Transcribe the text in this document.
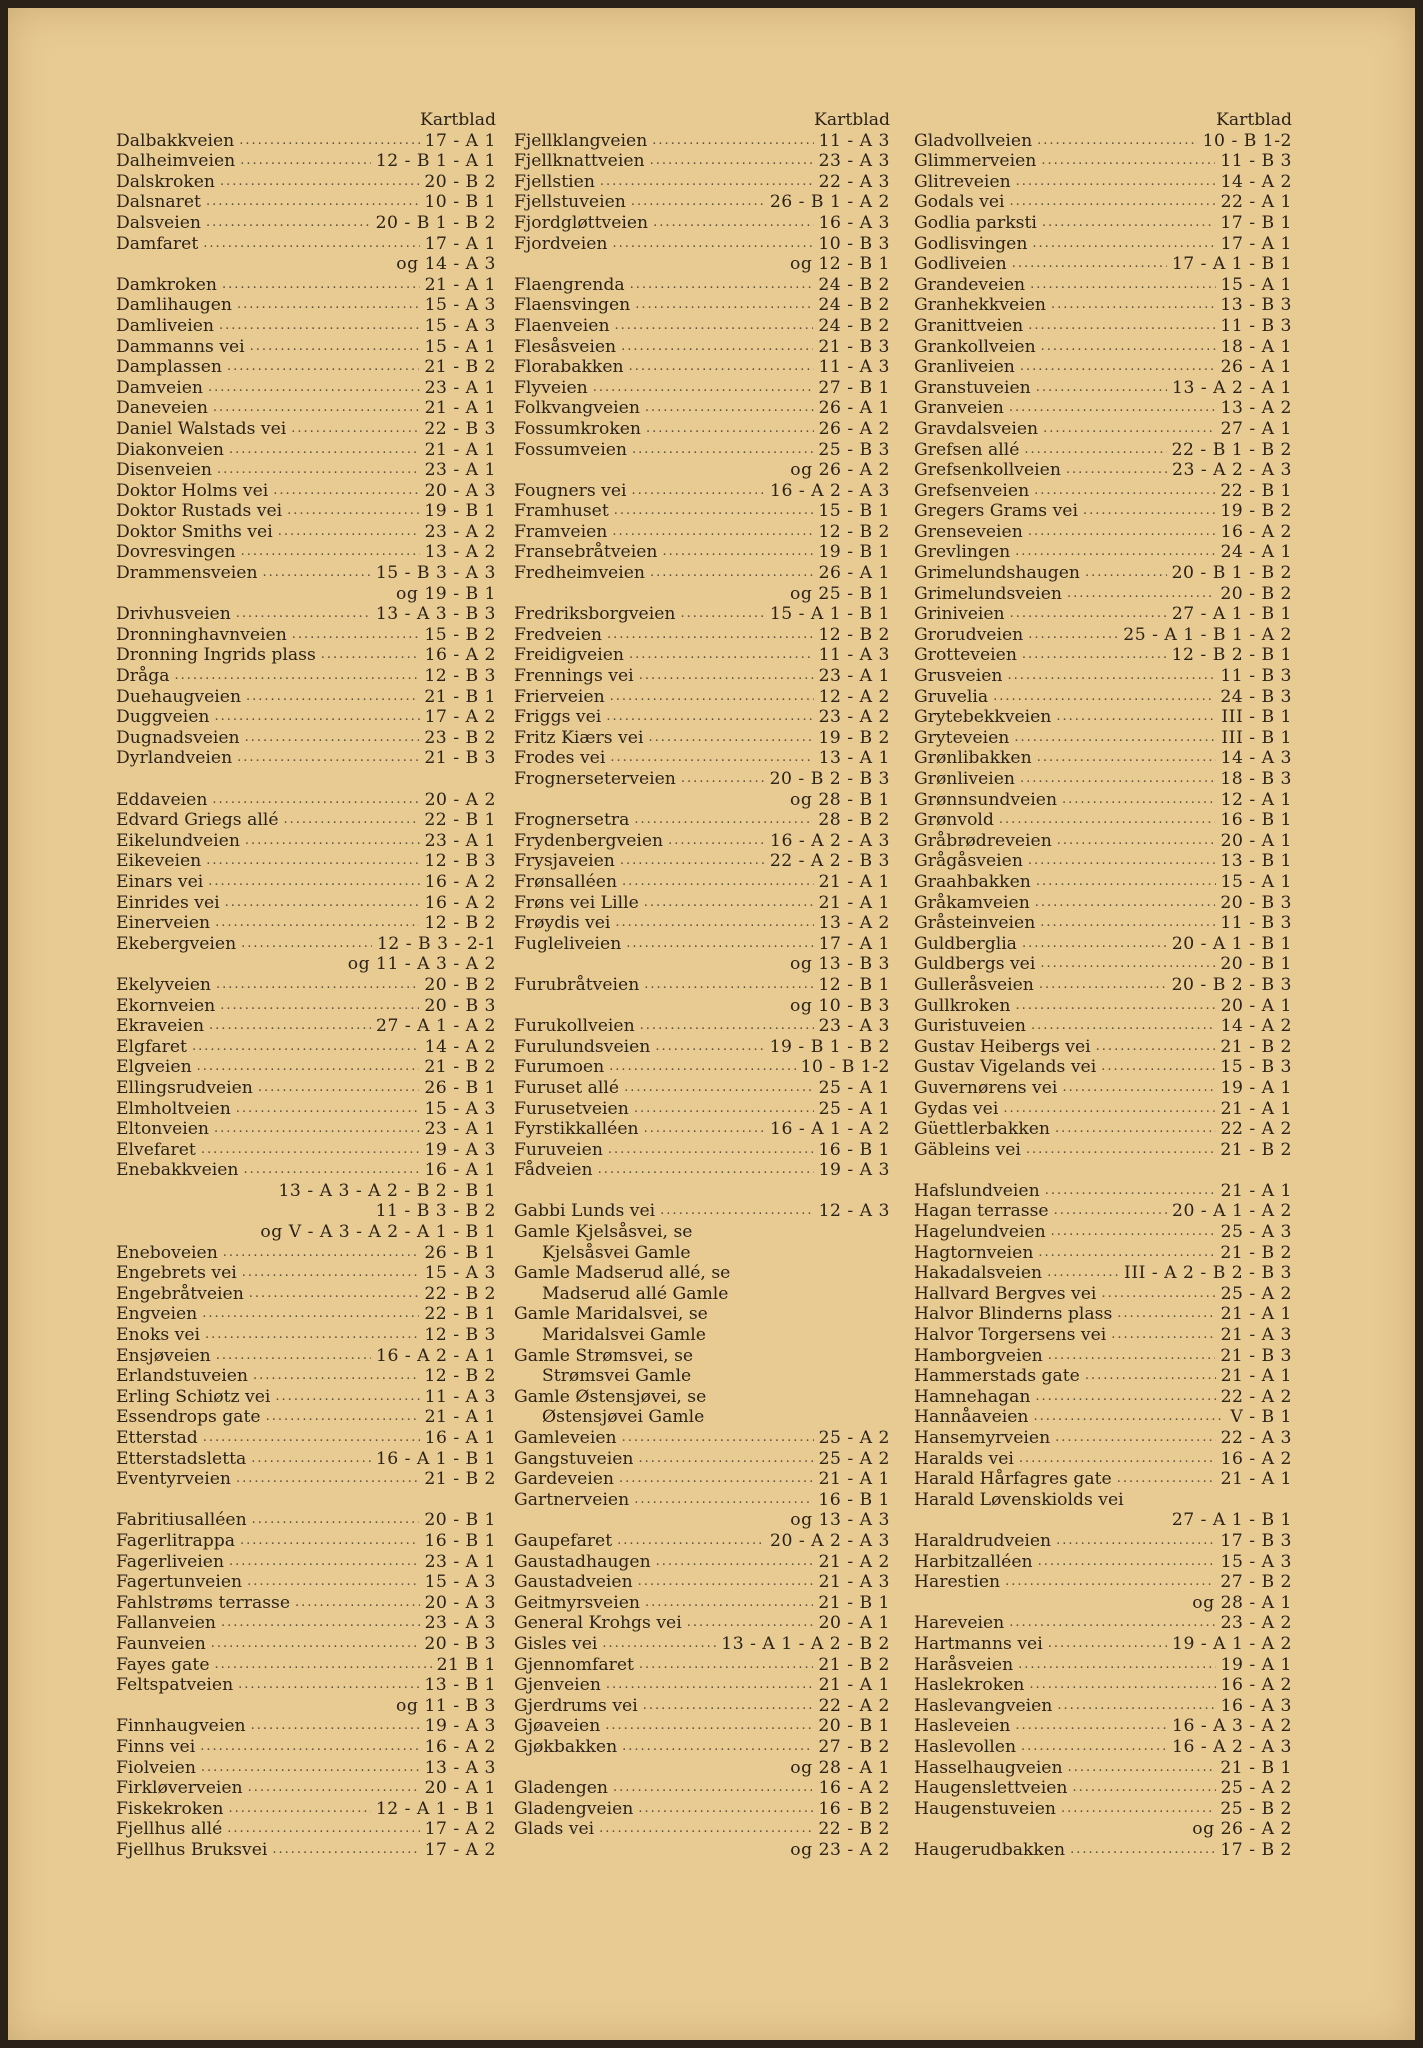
Kartblad
Dalbakkveien .....	17 - A 1
Dalheimveien .....	12 - B 1 - A 1
Dalskroken .....	20 - B 2
Dalsnaret .....	10 - B 1
Dalsveien .....	20 - B 1 - B 2
Damfaret .....	17 - A 1
og 14 - A 3
Damkroken .....	21 - A 1
Damlihaugen .....	15 - A 3
Damliveien .....	15 - A 3
Dammanns vei .....	15 - A 1
Damplassen .....	21 - B 2
Damveien .....	23 - A 1
Daneveien .....	21 - A 1
Daniel Walstads vei .....	22 - B 3
Diakonveien .....	21 - A 1
Disenveien .....	23 - A 1
Doktor Holms vei .....	20 - A 3
Doktor Rustads vei .....	19 - B 1
Doktor Smiths vei .....	23 - A 2
Dovresvingen .....	13 - A 2
Drammensveien .....	15 - B 3 - A 3
og 19 - B 1
Drivhusveien .....	13 - A 3 - B 3
Dronninghavnveien .....	15 - B 2
Dronning Ingrids plass .....	16 - A 2
Dråga .....	12 - B 3
Duehaugveien .....	21 - B 1
Duggveien .....	17 - A 2
Dugnadsveien .....	23 - B 2
Dyrlandveien .....	21 - B 3
Eddaveien .....	20 - A 2
Edvard Griegs allé .....	22 - B 1
Eikelundveien .....	23 - A 1
Eikeveien .....	12 - B 3
Einars vei .....	16 - A 2
Einrides vei .....	16 - A 2
Einerveien .....	12 - B 2
Ekebergveien .....	12 - B 3 - 2-1
og 11 - A 3 - A 2
Ekelyveien .....	20 - B 2
Ekornveien .....	20 - B 3
Ekraveien .....	27 - A 1 - A 2
Elgfaret .....	14 - A 2
Elgveien .....	21 - B 2
Ellingsrudveien .....	26 - B 1
Elmholtveien .....	15 - A 3
Eltonveien .....	23 - A 1
Elvefaret .....	19 - A 3
Enebakkveien .....	16 - A 1
13 - A 3 - A 2 - B 2 - B 1
11 - B 3 - B 2
og V - A 3 - A 2 - A 1 - B 1
Eneboveien .....	26 - B 1
Engebrets vei .....	15 - A 3
Engebråtveien .....	22 - B 2
Engveien .....	22 - B 1
Enoks vei .....	12 - B 3
Ensjøveien .....	16 - A 2 - A 1
Erlandstuveien .....	12 - B 2
Erling Schiøtz vei .....	11 - A 3
Essendrops gate .....	21 - A 1
Etterstad .....	16 - A 1
Etterstadsletta .....	16 - A 1 - B 1
Eventyrveien .....	21 - B 2
Fabritiusalléen .....	20 - B 1
Fagerlitrappa .....	16 - B 1
Fagerliveien .....	23 - A 1
Fagertunveien .....	15 - A 3
Fahlstrøms terrasse .....	20 - A 3
Fallanveien .....	23 - A 3
Faunveien .....	20 - B 3
Fayes gate .....	21 B 1
Feltspatveien .....	13 - B 1
og 11 - B 3
Finnhaugveien .....	19 - A 3
Finns vei .....	16 - A 2
Fiolveien .....	13 - A 3
Firkløverveien .....	20 - A 1
Fiskekroken .....	12 - A 1 - B 1
Fjellhus allé .....	17 - A 2
Fjellhus Bruksvei .....	17 - A 2
Kartblad
Fjellklangveien .....	11 - A 3
Fjellknattveien .....	23 - A 3
Fjellstien .....	22 - A 3
Fjellstuveien .....	26 - B 1 - A 2
Fjordgløttveien .....	16 - A 3
Fjordveien .....	10 - B 3
og 12 - B 1
Flaengrenda .....	24 - B 2
Flaensvingen .....	24 - B 2
Flaenveien .....	24 - B 2
Flesåsveien .....	21 - B 3
Florabakken .....	11 - A 3
Flyveien .....	27 - B 1
Folkvangveien .....	26 - A 1
Fossumkroken .....	26 - A 2
Fossumveien .....	25 - B 3
og 26 - A 2
Fougners vei .....	16 - A 2 - A 3
Framhuset .....	15 - B 1
Framveien .....	12 - B 2
Fransebråtveien .....	19 - B 1
Fredheimveien .....	26 - A 1
og 25 - B 1
Fredriksborgveien .....	15 - A 1 - B 1
Fredveien .....	12 - B 2
Freidigveien .....	11 - A 3
Frennings vei .....	23 - A 1
Frierveien .....	12 - A 2
Friggs vei .....	23 - A 2
Fritz Kiærs vei .....	19 - B 2
Frodes vei .....	13 - A 1
Frognerseterveien .....	20 - B 2 - B 3
og 28 - B 1
Frognersetra .....	28 - B 2
Frydenbergveien .....	16 - A 2 - A 3
Frysjaveien .....	22 - A 2 - B 3
Frønsalléen .....	21 - A 1
Frøns vei Lille .....	21 - A 1
Frøydis vei .....	13 - A 2
Fugleliveien .....	17 - A 1
og 13 - B 3
Furubråtveien .....	12 - B 1
og 10 - B 3
Furukollveien .....	23 - A 3
Furulundsveien .....	19 - B 1 - B 2
Furumoen .....	10 - B 1-2
Furuset allé .....	25 - A 1
Furusetveien .....	25 - A 1
Fyrstikkalléen .....	16 - A 1 - A 2
Furuveien .....	16 - B 1
Fådveien .....	19 - A 3
Gabbi Lunds vei .....	12 - A 3
Gamle Kjelsåsvei, se
Kjelsåsvei Gamle
Gamle Madserud allé, se
Madserud allé Gamle
Gamle Maridalsvei, se
Maridalsvei Gamle
Gamle Strømsvei, se
Strømsvei Gamle
Gamle Østensjøvei, se
Østensjøvei Gamle
Gamleveien .....	25 - A 2
Gangstuveien .....	25 - A 2
Gardeveien .....	21 - A 1
Gartnerveien .....	16 - B 1
og 13 - A 3
Gaupefaret .....	20 - A 2 - A 3
Gaustadhaugen .....	21 - A 2
Gaustadveien .....	21 - A 3
Geitmyrsveien .....	21 - B 1
General Krohgs vei .....	20 - A 1
Gisles vei .....	13 - A 1 - A 2 - B 2
Gjennomfaret .....	21 - B 2
Gjenveien .....	21 - A 1
Gjerdrums vei .....	22 - A 2
Gjøaveien .....	20 - B 1
Gjøkbakken .....	27 - B 2
og 28 - A 1
Gladengen .....	16 - A 2
Gladengveien .....	16 - B 2
Glads vei .....	22 - B 2
og 23 - A 2
Kartblad
Gladvollveien .....	10 - B 1-2
Glimmerveien .....	11 - B 3
Glitreveien .....	14 - A 2
Godals vei .....	22 - A 1
Godlia parksti .....	17 - B 1
Godlisvingen .....	17 - A 1
Godliveien .....	17 - A 1 - B 1
Grandeveien .....	15 - A 1
Granhekkveien .....	13 - B 3
Granittveien .....	11 - B 3
Grankollveien .....	18 - A 1
Granliveien .....	26 - A 1
Granstuveien .....	13 - A 2 - A 1
Granveien .....	13 - A 2
Gravdalsveien .....	27 - A 1
Grefsen allé .....	22 - B 1 - B 2
Grefsenkollveien .....	23 - A 2 - A 3
Grefsenveien .....	22 - B 1
Gregers Grams vei .....	19 - B 2
Grenseveien .....	16 - A 2
Grevlingen .....	24 - A 1
Grimelundshaugen .....	20 - B 1 - B 2
Grimelundsveien .....	20 - B 2
Griniveien .....	27 - A 1 - B 1
Grorudveien .....	25 - A 1 - B 1 - A 2
Grotteveien .....	12 - B 2 - B 1
Grusveien .....	11 - B 3
Gruvelia .....	24 - B 3
Grytebekkveien .....	III - B 1
Gryteveien .....	III - B 1
Grønlibakken .....	14 - A 3
Grønliveien .....	18 - B 3
Grønnsundveien .....	12 - A 1
Grønvold .....	16 - B 1
Gråbrødreveien .....	20 - A 1
Grågåsveien .....	13 - B 1
Graahbakken .....	15 - A 1
Gråkamveien .....	20 - B 3
Gråsteinveien .....	11 - B 3
Guldberglia .....	20 - A 1 - B 1
Guldbergs vei .....	20 - B 1
Gulleråsveien .....	20 - B 2 - B 3
Gullkroken .....	20 - A 1
Guristuveien .....	14 - A 2
Gustav Heibergs vei .....	21 - B 2
Gustav Vigelands vei .....	15 - B 3
Guvernørens vei .....	19 - A 1
Gydas vei .....	21 - A 1
Güettlerbakken .....	22 - A 2
Gäbleins vei .....	21 - B 2
Hafslundveien .....	21 - A 1
Hagan terrasse .....	20 - A 1 - A 2
Hagelundveien .....	25 - A 3
Hagtornveien .....	21 - B 2
Hakadalsveien .....	III - A 2 - B 2 - B 3
Hallvard Bergves vei .....	25 - A 2
Halvor Blinderns plass .....	21 - A 1
Halvor Torgersens vei .....	21 - A 3
Hamborgveien .....	21 - B 3
Hammerstads gate .....	21 - A 1
Hamnehagan .....	22 - A 2
Hannåaveien .....	V - B 1
Hansemyrveien .....	22 - A 3
Haralds vei .....	16 - A 2
Harald Hårfagres gate .....	21 - A 1
Harald Løvenskiolds vei
27 - A 1 - B 1
Haraldrudveien .....	17 - B 3
Harbitzalléen .....	15 - A 3
Harestien .....	27 - B 2
og 28 - A 1
Hareveien .....	23 - A 2
Hartmanns vei .....	19 - A 1 - A 2
Haråsveien .....	19 - A 1
Haslekroken .....	16 - A 2
Haslevangveien .....	16 - A 3
Hasleveien .....	16 - A 3 - A 2
Haslevollen .....	16 - A 2 - A 3
Hasselhaugveien .....	21 - B 1
Haugenslettveien .....	25 - A 2
Haugenstuveien .....	25 - B 2
og 26 - A 2
Haugerudbakken .....	17 - B 2
